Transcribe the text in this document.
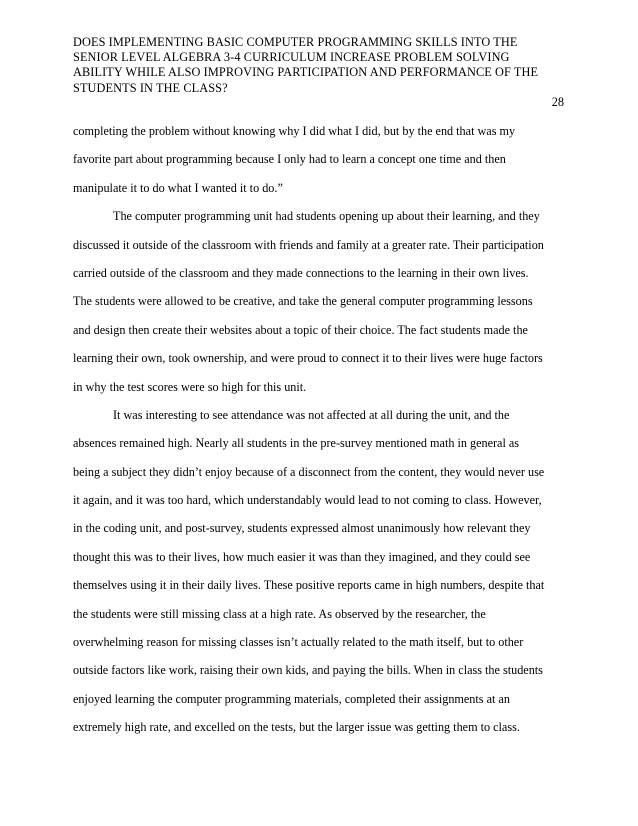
DOES IMPLEMENTING BASIC COMPUTER PROGRAMMING SKILLS INTO THE
SENIOR LEVEL ALGEBRA 3-4 CURRICULUM INCREASE PROBLEM SOLVING
ABILITY WHILE ALSO IMPROVING PARTICIPATION AND PERFORMANCE OF THE
STUDENTS IN THE CLASS?
28
completing the problem without knowing why I did what I did, but by the end that was my
favorite part about programming because I only had to learn a concept one time and then
manipulate it to do what I wanted it to do.”
The computer programming unit had students opening up about their learning, and they
discussed it outside of the classroom with friends and family at a greater rate. Their participation
carried outside of the classroom and they made connections to the learning in their own lives.
The students were allowed to be creative, and take the general computer programming lessons
and design then create their websites about a topic of their choice. The fact students made the
learning their own, took ownership, and were proud to connect it to their lives were huge factors
in why the test scores were so high for this unit.
It was interesting to see attendance was not affected at all during the unit, and the
absences remained high. Nearly all students in the pre-survey mentioned math in general as
being a subject they didn’t enjoy because of a disconnect from the content, they would never use
it again, and it was too hard, which understandably would lead to not coming to class. However,
in the coding unit, and post-survey, students expressed almost unanimously how relevant they
thought this was to their lives, how much easier it was than they imagined, and they could see
themselves using it in their daily lives. These positive reports came in high numbers, despite that
the students were still missing class at a high rate. As observed by the researcher, the
overwhelming reason for missing classes isn’t actually related to the math itself, but to other
outside factors like work, raising their own kids, and paying the bills. When in class the students
enjoyed learning the computer programming materials, completed their assignments at an
extremely high rate, and excelled on the tests, but the larger issue was getting them to class.
